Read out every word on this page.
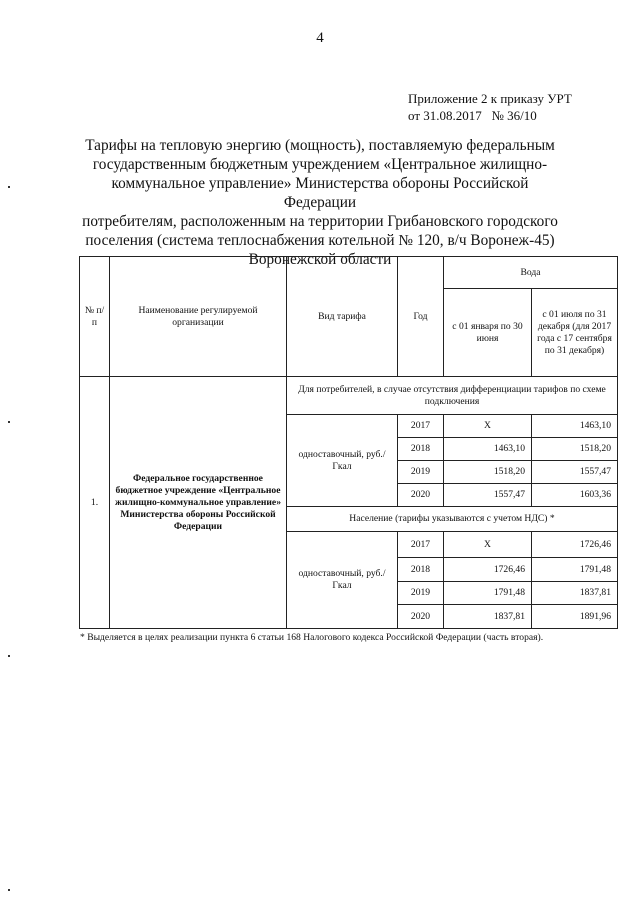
4
Приложение 2 к приказу УРТ
от 31.08.2017   № 36/10
Тарифы на тепловую энергию (мощность), поставляемую федеральным
государственным бюджетным учреждением «Центральное жилищно-
коммунальное управление» Министерства обороны Российской Федерации
потребителям, расположенным на территории Грибановского городского
поселения (система теплоснабжения котельной № 120, в/ч Воронеж-45)
Воронежской области
№ п/п	Наименование регулируемой организации	Вид тарифа	Год	Вода	
				с 01 января по 30 июня	с 01 июля по 31 декабря (для 2017 года с 17 сентября по 31 декабря)
1.	Федеральное государственное бюджетное учреждение «Центральное жилищно-коммунальное управление» Министерства обороны Российской Федерации	Для потребителей, в случае отсутствия дифференциации тарифов по схеме подключения			
		одноставочный, руб./Гкал	2017	Х	1463,10
			2018	1463,10	1518,20
			2019	1518,20	1557,47
			2020	1557,47	1603,36
		Население (тарифы указываются с учетом НДС) *			
		одноставочный, руб./Гкал	2017	Х	1726,46
			2018	1726,46	1791,48
			2019	1791,48	1837,81
			2020	1837,81	1891,96
* Выделяется в целях реализации пункта 6 статьи 168 Налогового кодекса Российской Федерации (часть вторая).
